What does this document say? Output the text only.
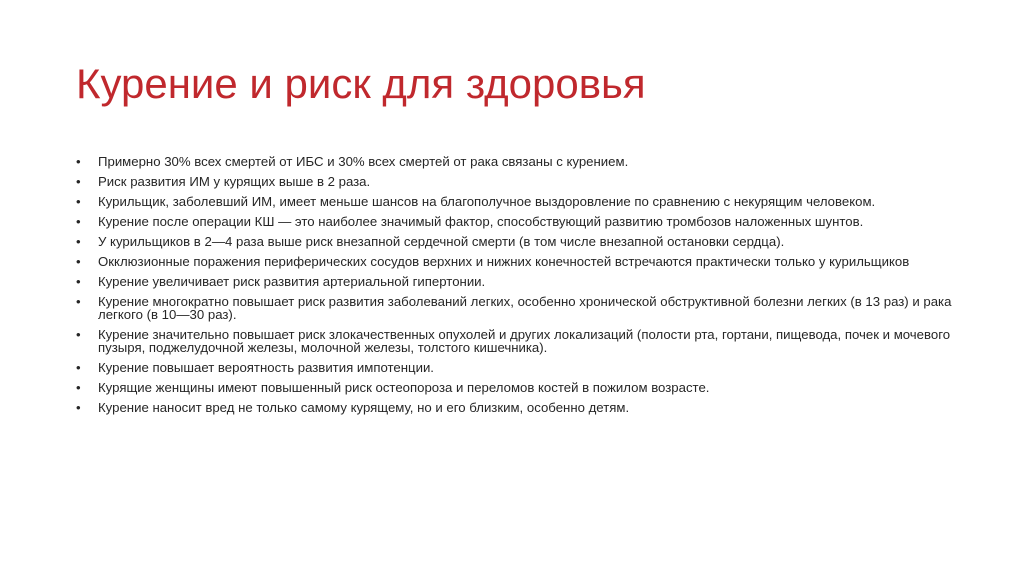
Курение и риск для здоровья
•	Примерно 30% всех смертей от ИБС и 30% всех смертей от рака связаны с курением.
•	Риск развития ИМ у курящих выше в 2 раза.
•	Курильщик, заболевший ИМ, имеет меньше шансов на благополучное выздоровление по сравнению с некурящим человеком.
•	Курение после операции КШ — это наиболее значимый фактор, способствующий развитию тромбозов наложенных шунтов.
•	У курильщиков в 2—4 раза выше риск внезапной сердечной смерти (в том числе внезапной остановки сердца).
•	Окклюзионные поражения периферических сосудов верхних и нижних конечностей встречаются практически только у курильщиков
•	Курение увеличивает риск развития артериальной гипертонии.
•	Курение многократно повышает риск развития заболеваний легких, особенно хронической обструктивной болезни легких (в 13 раз) и рака легкого (в 10—30 раз).
•	Курение значительно повышает риск злокачественных опухолей и других локализаций (полости рта, гортани, пищевода, почек и мочевого пузыря, поджелудочной железы, молочной железы, толстого кишечника).
•	Курение повышает вероятность развития импотенции.
•	Курящие женщины имеют повышенный риск остеопороза и переломов костей в пожилом возрасте.
•	Курение наносит вред не только самому курящему, но и его близким, особенно детям.
